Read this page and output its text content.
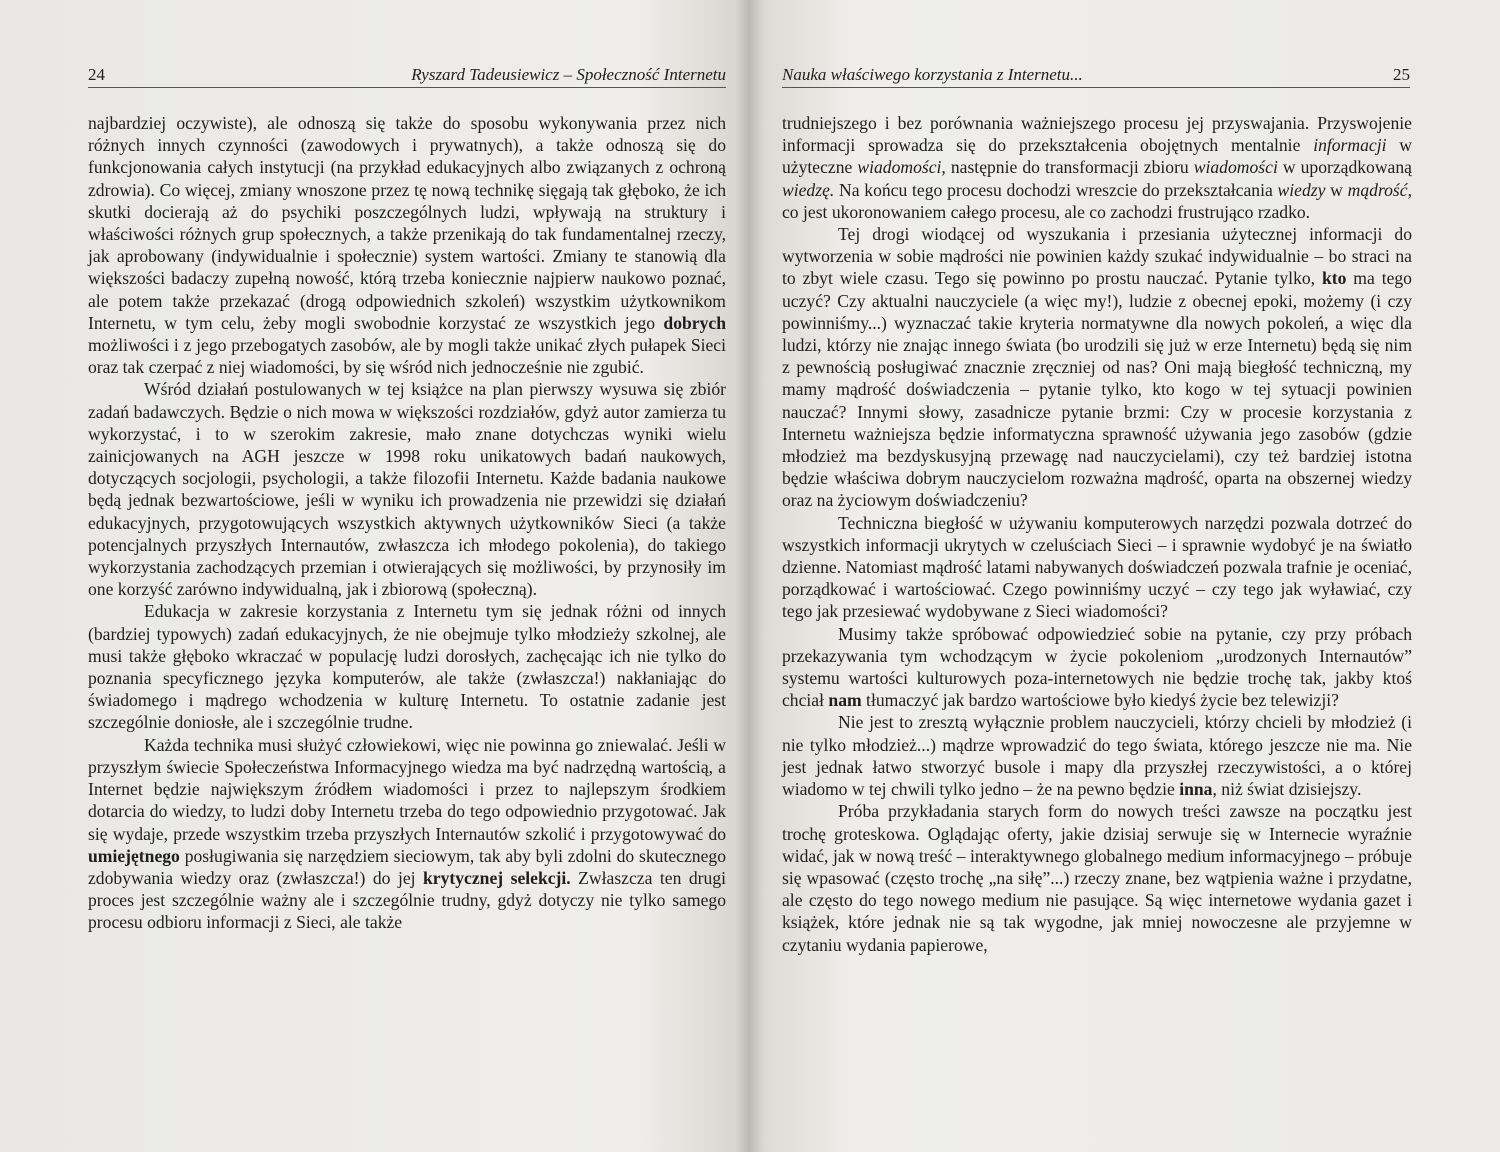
24	Ryszard Tadeusiewicz – Społeczność Internetu

najbardziej oczywiste), ale odnoszą się także do sposobu wykonywania przez nich różnych innych czynności (zawodowych i prywatnych), a także odnoszą się do funkcjonowania całych instytucji (na przykład edukacyjnych albo związanych z ochroną zdrowia). Co więcej, zmiany wnoszone przez tę nową technikę sięgają tak głęboko, że ich skutki docierają aż do psychiki poszczególnych ludzi, wpływają na struktury i właściwości różnych grup społecznych, a także przenikają do tak fundamentalnej rzeczy, jak aprobowany (indywidualnie i społecznie) system wartości. Zmiany te stanowią dla większości badaczy zupełną nowość, którą trzeba koniecznie najpierw naukowo poznać, ale potem także przekazać (drogą odpowiednich szkoleń) wszystkim użytkownikom Internetu, w tym celu, żeby mogli swobodnie korzystać ze wszystkich jego dobrych możliwości i z jego przebogatych zasobów, ale by mogli także unikać złych pułapek Sieci oraz tak czerpać z niej wiadomości, by się wśród nich jednocześnie nie zgubić.

Wśród działań postulowanych w tej książce na plan pierwszy wysuwa się zbiór zadań badawczych. Będzie o nich mowa w większości rozdziałów, gdyż autor zamierza tu wykorzystać, i to w szerokim zakresie, mało znane dotychczas wyniki wielu zainicjowanych na AGH jeszcze w 1998 roku unikatowych badań naukowych, dotyczących socjologii, psychologii, a także filozofii Internetu. Każde badania naukowe będą jednak bezwartościowe, jeśli w wyniku ich prowadzenia nie przewidzi się działań edukacyjnych, przygotowujących wszystkich aktywnych użytkowników Sieci (a także potencjalnych przyszłych Internautów, zwłaszcza ich młodego pokolenia), do takiego wykorzystania zachodzących przemian i otwierających się możliwości, by przynosiły im one korzyść zarówno indywidualną, jak i zbiorową (społeczną).

Edukacja w zakresie korzystania z Internetu tym się jednak różni od innych (bardziej typowych) zadań edukacyjnych, że nie obejmuje tylko młodzieży szkolnej, ale musi także głęboko wkraczać w populację ludzi dorosłych, zachęcając ich nie tylko do poznania specyficznego języka komputerów, ale także (zwłaszcza!) nakłaniając do świadomego i mądrego wchodzenia w kulturę Internetu. To ostatnie zadanie jest szczególnie doniosłe, ale i szczególnie trudne.

Każda technika musi służyć człowiekowi, więc nie powinna go zniewalać. Jeśli w przyszłym świecie Społeczeństwa Informacyjnego wiedza ma być nadrzędną wartością, a Internet będzie największym źródłem wiadomości i przez to najlepszym środkiem dotarcia do wiedzy, to ludzi doby Internetu trzeba do tego odpowiednio przygotować. Jak się wydaje, przede wszystkim trzeba przyszłych Internautów szkolić i przygotowywać do umiejętnego posługiwania się narzędziem sieciowym, tak aby byli zdolni do skutecznego zdobywania wiedzy oraz (zwłaszcza!) do jej krytycznej selekcji. Zwłaszcza ten drugi proces jest szczególnie ważny ale i szczególnie trudny, gdyż dotyczy nie tylko samego procesu odbioru informacji z Sieci, ale także

Nauka właściwego korzystania z Internetu...	25

trudniejszego i bez porównania ważniejszego procesu jej przyswajania. Przyswojenie informacji sprowadza się do przekształcenia obojętnych mentalnie informacji w użyteczne wiadomości, następnie do transformacji zbioru wiadomości w uporządkowaną wiedzę. Na końcu tego procesu dochodzi wreszcie do przekształcania wiedzy w mądrość, co jest ukoronowaniem całego procesu, ale co zachodzi frustrująco rzadko.

Tej drogi wiodącej od wyszukania i przesiania użytecznej informacji do wytworzenia w sobie mądrości nie powinien każdy szukać indywidualnie – bo straci na to zbyt wiele czasu. Tego się powinno po prostu nauczać. Pytanie tylko, kto ma tego uczyć? Czy aktualni nauczyciele (a więc my!), ludzie z obecnej epoki, możemy (i czy powinniśmy...) wyznaczać takie kryteria normatywne dla nowych pokoleń, a więc dla ludzi, którzy nie znając innego świata (bo urodzili się już w erze Internetu) będą się nim z pewnością posługiwać znacznie zręczniej od nas? Oni mają biegłość techniczną, my mamy mądrość doświadczenia – pytanie tylko, kto kogo w tej sytuacji powinien nauczać? Innymi słowy, zasadnicze pytanie brzmi: Czy w procesie korzystania z Internetu ważniejsza będzie informatyczna sprawność używania jego zasobów (gdzie młodzież ma bezdyskusyjną przewagę nad nauczycielami), czy też bardziej istotna będzie właściwa dobrym nauczycielom rozważna mądrość, oparta na obszernej wiedzy oraz na życiowym doświadczeniu?

Techniczna biegłość w używaniu komputerowych narzędzi pozwala dotrzeć do wszystkich informacji ukrytych w czeluściach Sieci – i sprawnie wydobyć je na światło dzienne. Natomiast mądrość latami nabywanych doświadczeń pozwala trafnie je oceniać, porządkować i wartościować. Czego powinniśmy uczyć – czy tego jak wyławiać, czy tego jak przesiewać wydobywane z Sieci wiadomości?

Musimy także spróbować odpowiedzieć sobie na pytanie, czy przy próbach przekazywania tym wchodzącym w życie pokoleniom „urodzonych Internautów” systemu wartości kulturowych poza-internetowych nie będzie trochę tak, jakby ktoś chciał nam tłumaczyć jak bardzo wartościowe było kiedyś życie bez telewizji?

Nie jest to zresztą wyłącznie problem nauczycieli, którzy chcieli by młodzież (i nie tylko młodzież...) mądrze wprowadzić do tego świata, którego jeszcze nie ma. Nie jest jednak łatwo stworzyć busole i mapy dla przyszłej rzeczywistości, a o której wiadomo w tej chwili tylko jedno – że na pewno będzie inna, niż świat dzisiejszy.

Próba przykładania starych form do nowych treści zawsze na początku jest trochę groteskowa. Oglądając oferty, jakie dzisiaj serwuje się w Internecie wyraźnie widać, jak w nową treść – interaktywnego globalnego medium informacyjnego – próbuje się wpasować (często trochę „na siłę”...) rzeczy znane, bez wątpienia ważne i przydatne, ale często do tego nowego medium nie pasujące. Są więc internetowe wydania gazet i książek, które jednak nie są tak wygodne, jak mniej nowoczesne ale przyjemne w czytaniu wydania papierowe,
